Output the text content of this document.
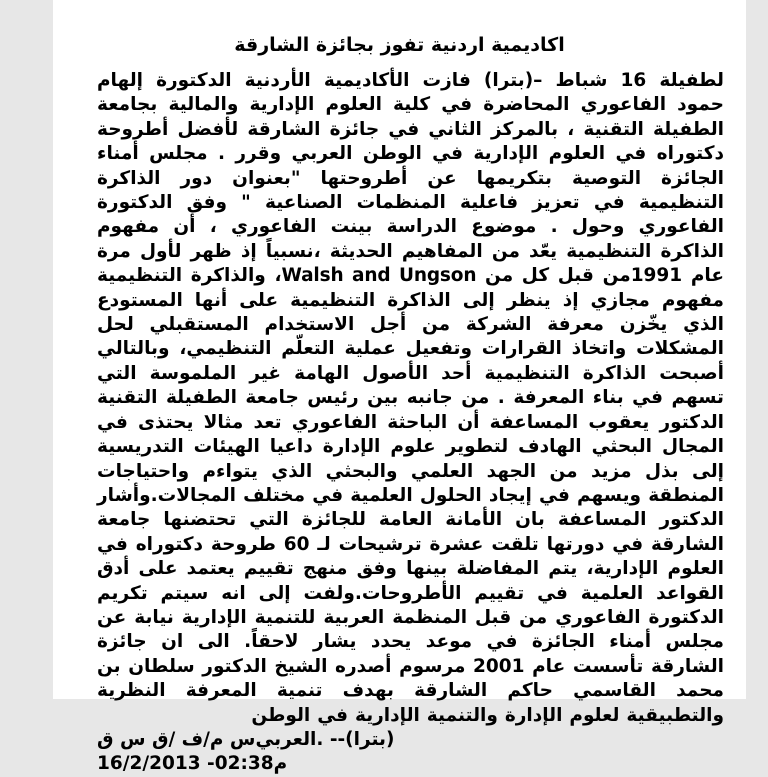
اكاديمية اردنية تفوز بجائزة الشارقة

لطفيلة 16 شباط –(بترا) فازت الأكاديمية الأردنية الدكتورة إلهام حمود الفاعوري المحاضرة في كلية العلوم الإدارية والمالية بجامعة الطفيلة التقنية ، بالمركز الثاني في جائزة الشارقة لأفضل أطروحة دكتوراه في العلوم الإدارية في الوطن العربي وقرر . مجلس أمناء الجائزة التوصية بتكريمها عن أطروحتها "بعنوان دور الذاكرة التنظيمية في تعزيز فاعلية المنظمات الصناعية " وفق الدكتورة الفاعوري وحول . موضوع الدراسة بينت الفاعوري ، أن مفهوم الذاكرة التنظيمية يعّد من المفاهيم الحديثة ،نسبياً إذ ظهر لأول مرة عام 1991من قبل كل من Walsh and Ungson، والذاكرة التنظيمية مفهوم مجازي إذ ينظر إلى الذاكرة التنظيمية على أنها المستودع الذي يخّزن معرفة الشركة من أجل الاستخدام المستقبلي لحل المشكلات واتخاذ القرارات وتفعيل عملية التعلّم التنظيمي، وبالتالي أصبحت الذاكرة التنظيمية أحد الأصول الهامة غير الملموسة التي تسهم في بناء المعرفة . من جانبه بين رئيس جامعة الطفيلة التقنية الدكتور يعقوب المساعفة أن الباحثة الفاعوري تعد مثالا يحتذى في المجال البحثي الهادف لتطوير علوم الإدارة داعيا الهيئات التدريسية إلى بذل مزيد من الجهد العلمي والبحثي الذي يتواءم واحتياجات المنطقة ويسهم في إيجاد الحلول العلمية في مختلف المجالات.وأشار الدكتور المساعفة بان الأمانة العامة للجائزة التي تحتضنها جامعة الشارقة في دورتها تلقت عشرة ترشيحات لـ 60 طروحة دكتوراه في العلوم الإدارية، يتم المفاضلة بينها وفق منهج تقييم يعتمد على أدق القواعد العلمية في تقييم الأطروحات.ولفت إلى انه سيتم تكريم الدكتورة الفاعوري من قبل المنظمة العربية للتنمية الإدارية نيابة عن مجلس أمناء الجائزة في موعد يحدد يشار لاحقاً. الى ان جائزة الشارقة تأسست عام 2001 مرسوم أصدره الشيخ الدكتور سلطان بن محمد القاسمي حاكم الشارقة بهدف تنمية المعرفة النظرية والتطبيقية لعلوم الإدارة والتنمية الإدارية في الوطن

(بترا)-- .العربي‌س م/ف /ق س ق
16/2/2013 -02:38م
